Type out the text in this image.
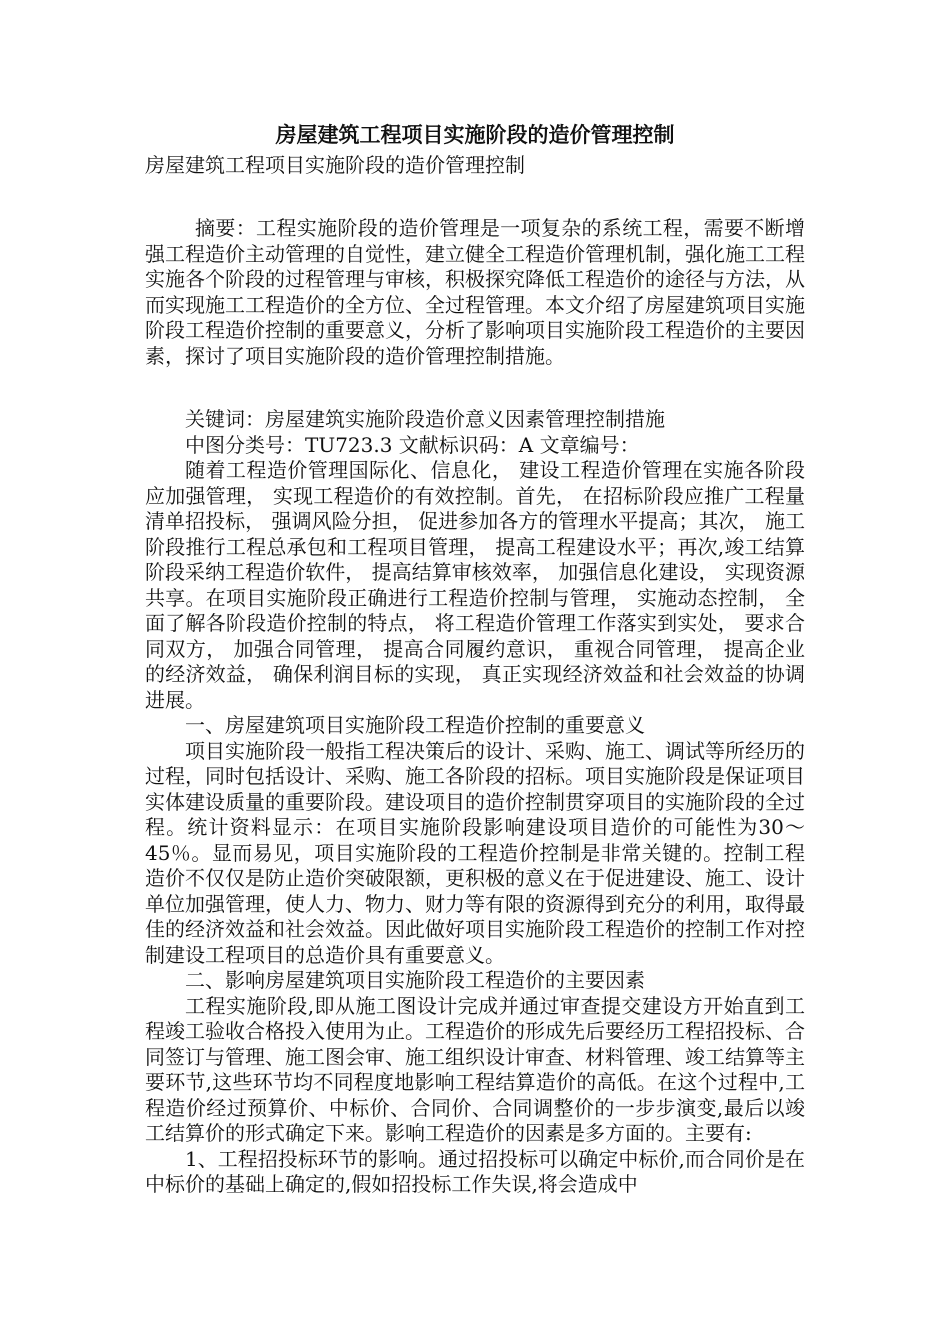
房屋建筑工程项目实施阶段的造价管理控制

房屋建筑工程项目实施阶段的造价管理控制

摘要：工程实施阶段的造价管理是一项复杂的系统工程，需要不断增强工程造价主动管理的自觉性，建立健全工程造价管理机制，强化施工工程实施各个阶段的过程管理与审核，积极探究降低工程造价的途径与方法，从而实现施工工程造价的全方位、全过程管理。本文介绍了房屋建筑项目实施阶段工程造价控制的重要意义，分析了影响项目实施阶段工程造价的主要因素，探讨了项目实施阶段的造价管理控制措施。

关键词：房屋建筑实施阶段造价意义因素管理控制措施

中图分类号：TU723.3 文献标识码：A 文章编号：

随着工程造价管理国际化、信息化， 建设工程造价管理在实施各阶段应加强管理， 实现工程造价的有效控制。首先， 在招标阶段应推广工程量清单招投标， 强调风险分担， 促进参加各方的管理水平提高；其次， 施工阶段推行工程总承包和工程项目管理， 提高工程建设水平；再次,竣工结算阶段采纳工程造价软件， 提高结算审核效率， 加强信息化建设， 实现资源共享。在项目实施阶段正确进行工程造价控制与管理， 实施动态控制， 全面了解各阶段造价控制的特点， 将工程造价管理工作落实到实处， 要求合同双方， 加强合同管理， 提高合同履约意识， 重视合同管理， 提高企业的经济效益， 确保利润目标的实现， 真正实现经济效益和社会效益的协调进展。

一、房屋建筑项目实施阶段工程造价控制的重要意义

项目实施阶段一般指工程决策后的设计、采购、施工、调试等所经历的过程，同时包括设计、采购、施工各阶段的招标。项目实施阶段是保证项目实体建设质量的重要阶段。建设项目的造价控制贯穿项目的实施阶段的全过程。统计资料显示：在项目实施阶段影响建设项目造价的可能性为30～45％。显而易见，项目实施阶段的工程造价控制是非常关键的。控制工程造价不仅仅是防止造价突破限额，更积极的意义在于促进建设、施工、设计单位加强管理，使人力、物力、财力等有限的资源得到充分的利用，取得最佳的经济效益和社会效益。因此做好项目实施阶段工程造价的控制工作对控制建设工程项目的总造价具有重要意义。

二、影响房屋建筑项目实施阶段工程造价的主要因素

工程实施阶段,即从施工图设计完成并通过审查提交建设方开始直到工程竣工验收合格投入使用为止。工程造价的形成先后要经历工程招投标、合同签订与管理、施工图会审、施工组织设计审查、材料管理、竣工结算等主要环节,这些环节均不同程度地影响工程结算造价的高低。在这个过程中,工程造价经过预算价、中标价、合同价、合同调整价的一步步演变,最后以竣工结算价的形式确定下来。影响工程造价的因素是多方面的。主要有:

1、工程招投标环节的影响。通过招投标可以确定中标价,而合同价是在中标价的基础上确定的,假如招投标工作失误,将会造成中
